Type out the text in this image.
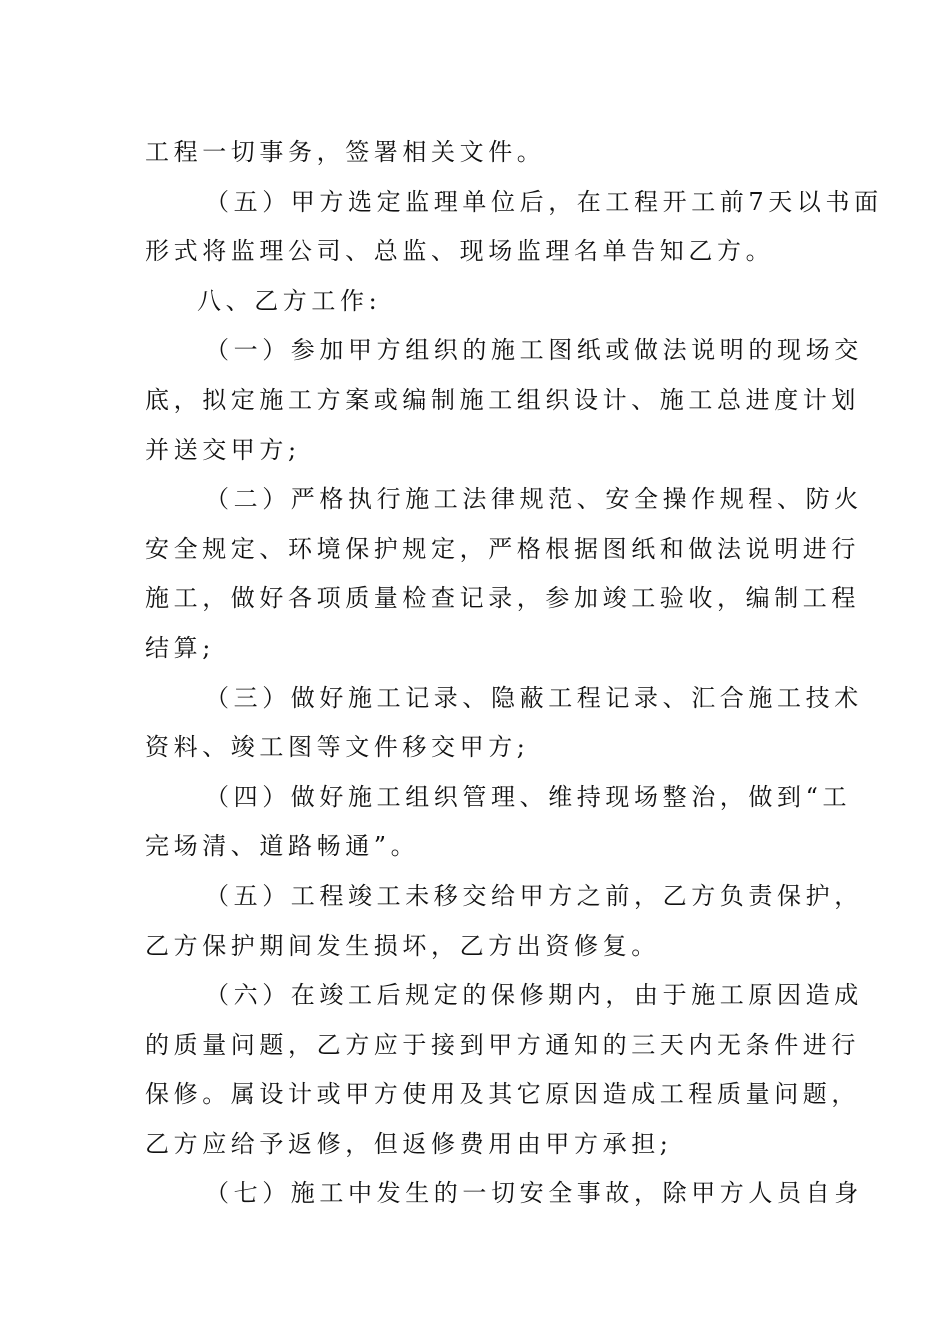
工程一切事务，签署相关文件。
（五）甲方选定监理单位后，在工程开工前7天以书面
形式将监理公司、总监、现场监理名单告知乙方。
八、乙方工作:
（一）参加甲方组织的施工图纸或做法说明的现场交
底，拟定施工方案或编制施工组织设计、施工总进度计划
并送交甲方;
（二）严格执行施工法律规范、安全操作规程、防火
安全规定、环境保护规定，严格根据图纸和做法说明进行
施工，做好各项质量检查记录，参加竣工验收，编制工程
结算;
（三）做好施工记录、隐蔽工程记录、汇合施工技术
资料、竣工图等文件移交甲方;
（四）做好施工组织管理、维持现场整治，做到“工
完场清、道路畅通”。
（五）工程竣工未移交给甲方之前，乙方负责保护，
乙方保护期间发生损坏，乙方出资修复。
（六）在竣工后规定的保修期内，由于施工原因造成
的质量问题，乙方应于接到甲方通知的三天内无条件进行
保修。属设计或甲方使用及其它原因造成工程质量问题，
乙方应给予返修，但返修费用由甲方承担;
（七）施工中发生的一切安全事故，除甲方人员自身
